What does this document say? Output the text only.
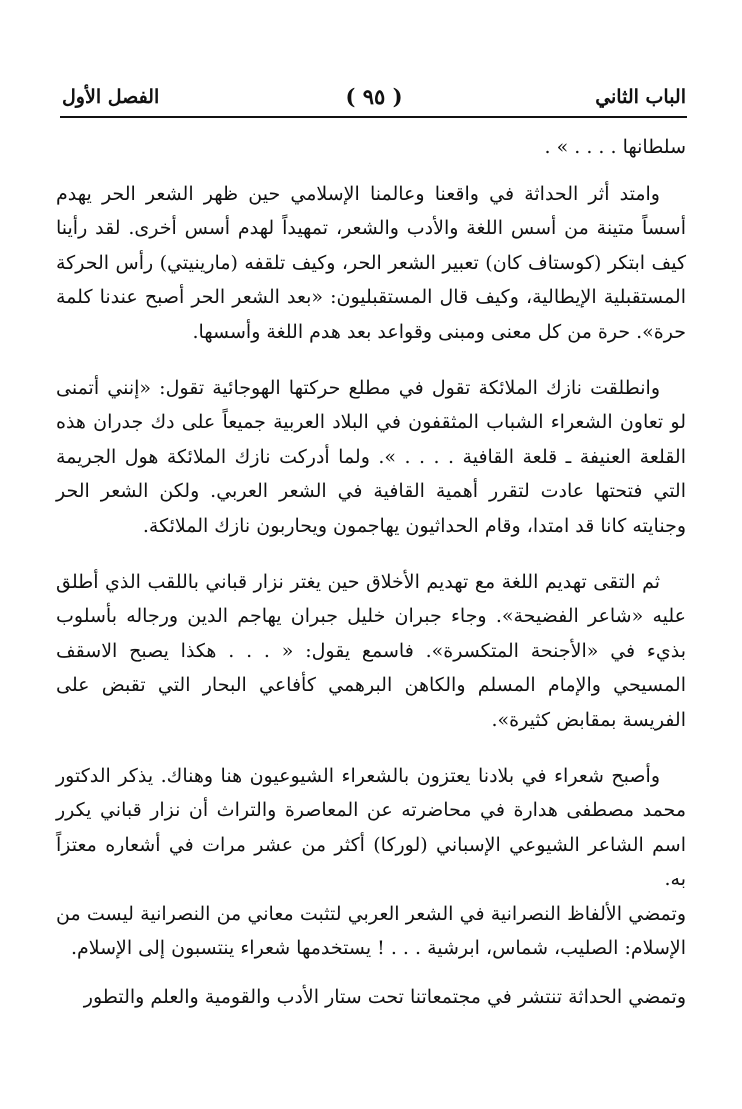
الباب الثاني
( ٩٥ )
الفصل الأول

سلطانها . . . . » .

وامتد أثر الحداثة في واقعنا وعالمنا الإسلامي حين ظهر الشعر الحر يهدم أسساً متينة من أسس اللغة والأدب والشعر، تمهيداً لهدم أسس أخرى. لقد رأينا كيف ابتكر (كوستاف كان) تعبير الشعر الحر، وكيف تلقفه (مارينيتي) رأس الحركة المستقبلية الإيطالية، وكيف قال المستقبليون: «بعد الشعر الحر أصبح عندنا كلمة حرة». حرة من كل معنى ومبنى وقواعد بعد هدم اللغة وأسسها.

وانطلقت نازك الملائكة تقول في مطلع حركتها الهوجائية تقول: «إنني أتمنى لو تعاون الشعراء الشباب المثقفون في البلاد العربية جميعاً على دك جدران هذه القلعة العنيفة ـ قلعة القافية . . . . ». ولما أدركت نازك الملائكة هول الجريمة التي فتحتها عادت لتقرر أهمية القافية في الشعر العربي. ولكن الشعر الحر وجنايته كانا قد امتدا، وقام الحداثيون يهاجمون ويحاربون نازك الملائكة.

ثم التقى تهديم اللغة مع تهديم الأخلاق حين يغتر نزار قباني باللقب الذي أطلق عليه «شاعر الفضيحة». وجاء جبران خليل جبران يهاجم الدين ورجاله بأسلوب بذيء في «الأجنحة المتكسرة». فاسمع يقول: « . . . هكذا يصبح الاسقف المسيحي والإمام المسلم والكاهن البرهمي كأفاعي البحار التي تقبض على الفريسة بمقابض كثيرة».

وأصبح شعراء في بلادنا يعتزون بالشعراء الشيوعيون هنا وهناك. يذكر الدكتور محمد مصطفى هدارة في محاضرته عن المعاصرة والتراث أن نزار قباني يكرر اسم الشاعر الشيوعي الإسباني (لوركا) أكثر من عشر مرات في أشعاره معتزاً به.

وتمضي الألفاظ النصرانية في الشعر العربي لتثبت معاني من النصرانية ليست من الإسلام: الصليب، شماس، ابرشية . . . ! يستخدمها شعراء ينتسبون إلى الإسلام.

وتمضي الحداثة تنتشر في مجتمعاتنا تحت ستار الأدب والقومية والعلم والتطور
